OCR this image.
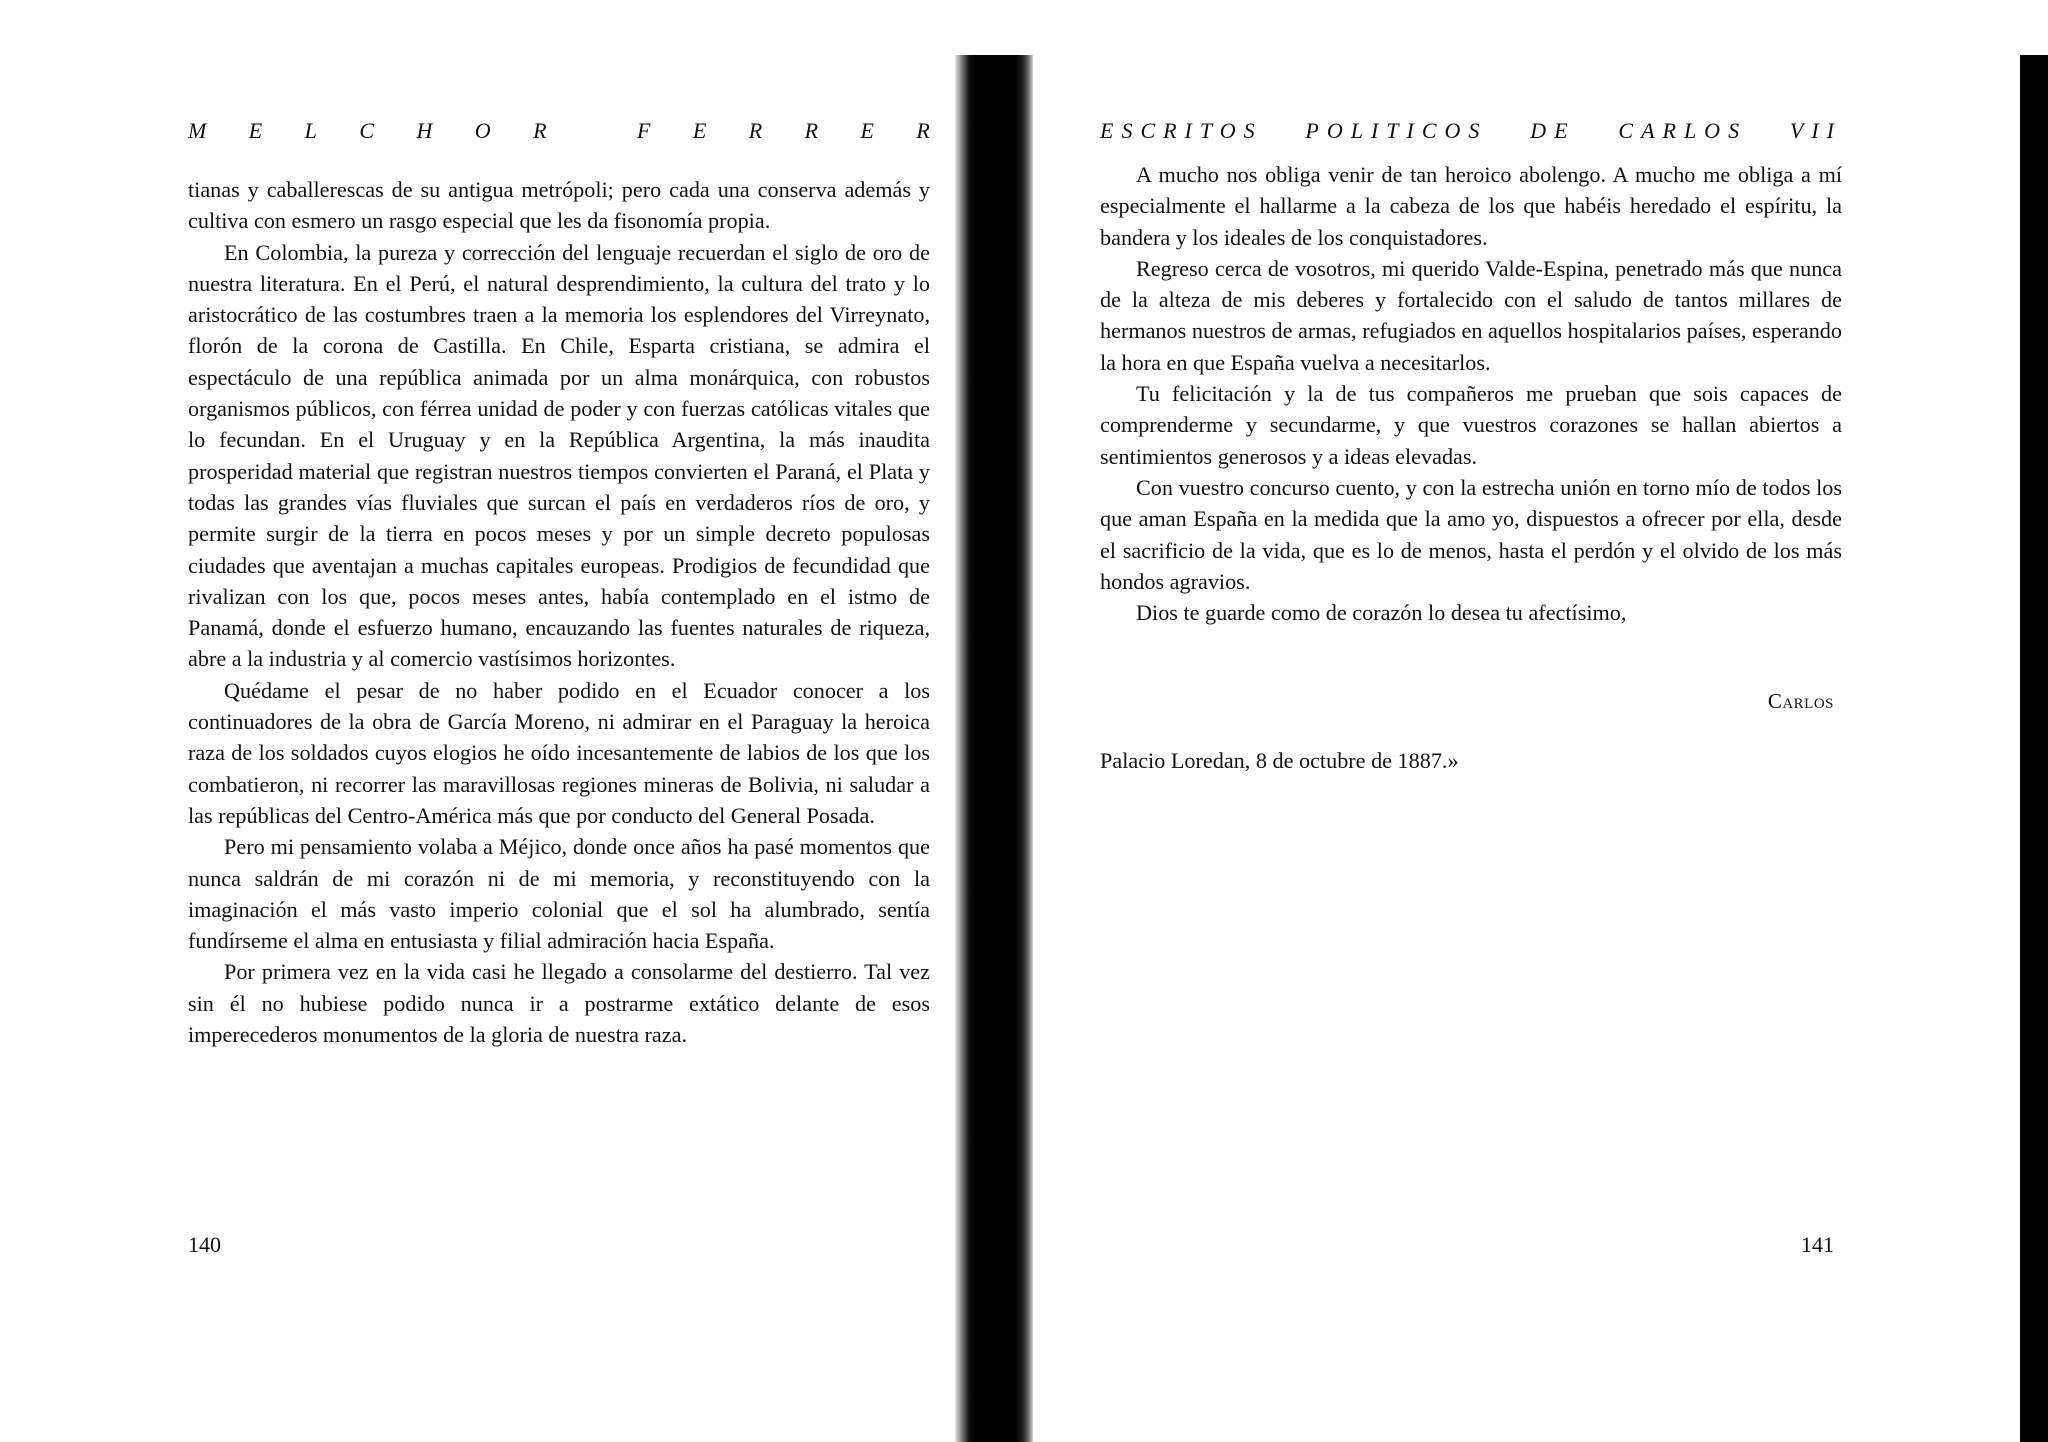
M E L C H O R
	F E R R E R

tianas y caballerescas de su antigua metrópoli; pero cada una conserva además y cultiva con esmero un rasgo especial que les da fisonomía propia.

En Colombia, la pureza y corrección del lenguaje recuerdan el siglo de oro de nuestra literatura. En el Perú, el natural desprendimiento, la cultura del trato y lo aristocrático de las costumbres traen a la memoria los esplendores del Virreynato, florón de la corona de Castilla. En Chile, Esparta cristiana, se admira el espectáculo de una república animada por un alma monárquica, con robustos organismos públicos, con férrea unidad de poder y con fuerzas católicas vitales que lo fecundan. En el Uruguay y en la República Argentina, la más inaudita prosperidad material que registran nuestros tiempos convierten el Paraná, el Plata y todas las grandes vías fluviales que surcan el país en verdaderos ríos de oro, y permite surgir de la tierra en pocos meses y por un simple decreto populosas ciudades que aventajan a muchas capitales europeas. Prodigios de fecundidad que rivalizan con los que, pocos meses antes, había contemplado en el istmo de Panamá, donde el esfuerzo humano, encauzando las fuentes naturales de riqueza, abre a la industria y al comercio vastísimos horizontes.

Quédame el pesar de no haber podido en el Ecuador conocer a los continuadores de la obra de García Moreno, ni admirar en el Paraguay la heroica raza de los soldados cuyos elogios he oído incesantemente de labios de los que los combatieron, ni recorrer las maravillosas regiones mineras de Bolivia, ni saludar a las repúblicas del Centro-América más que por conducto del General Posada.

Pero mi pensamiento volaba a Méjico, donde once años ha pasé momentos que nunca saldrán de mi corazón ni de mi memoria, y reconstituyendo con la imaginación el más vasto imperio colonial que el sol ha alumbrado, sentía fundírseme el alma en entusiasta y filial admiración hacia España.

Por primera vez en la vida casi he llegado a consolarme del destierro. Tal vez sin él no hubiese podido nunca ir a postrarme extático delante de esos imperecederos monumentos de la gloria de nuestra raza.

140
ESCRITOS POLITICOS DE CARLOS VII

A mucho nos obliga venir de tan heroico abolengo. A mucho me obliga a mí especialmente el hallarme a la cabeza de los que habéis heredado el espíritu, la bandera y los ideales de los conquistadores.

Regreso cerca de vosotros, mi querido Valde-Espina, penetrado más que nunca de la alteza de mis deberes y fortalecido con el saludo de tantos millares de hermanos nuestros de armas, refugiados en aquellos hospitalarios países, esperando la hora en que España vuelva a necesitarlos.

Tu felicitación y la de tus compañeros me prueban que sois capaces de comprenderme y secundarme, y que vuestros corazones se hallan abiertos a sentimientos generosos y a ideas elevadas.

Con vuestro concurso cuento, y con la estrecha unión en torno mío de todos los que aman España en la medida que la amo yo, dispuestos a ofrecer por ella, desde el sacrificio de la vida, que es lo de menos, hasta el perdón y el olvido de los más hondos agravios.

Dios te guarde como de corazón lo desea tu afectísimo,

Carlos
Palacio Loredan, 8 de octubre de 1887.»
141
